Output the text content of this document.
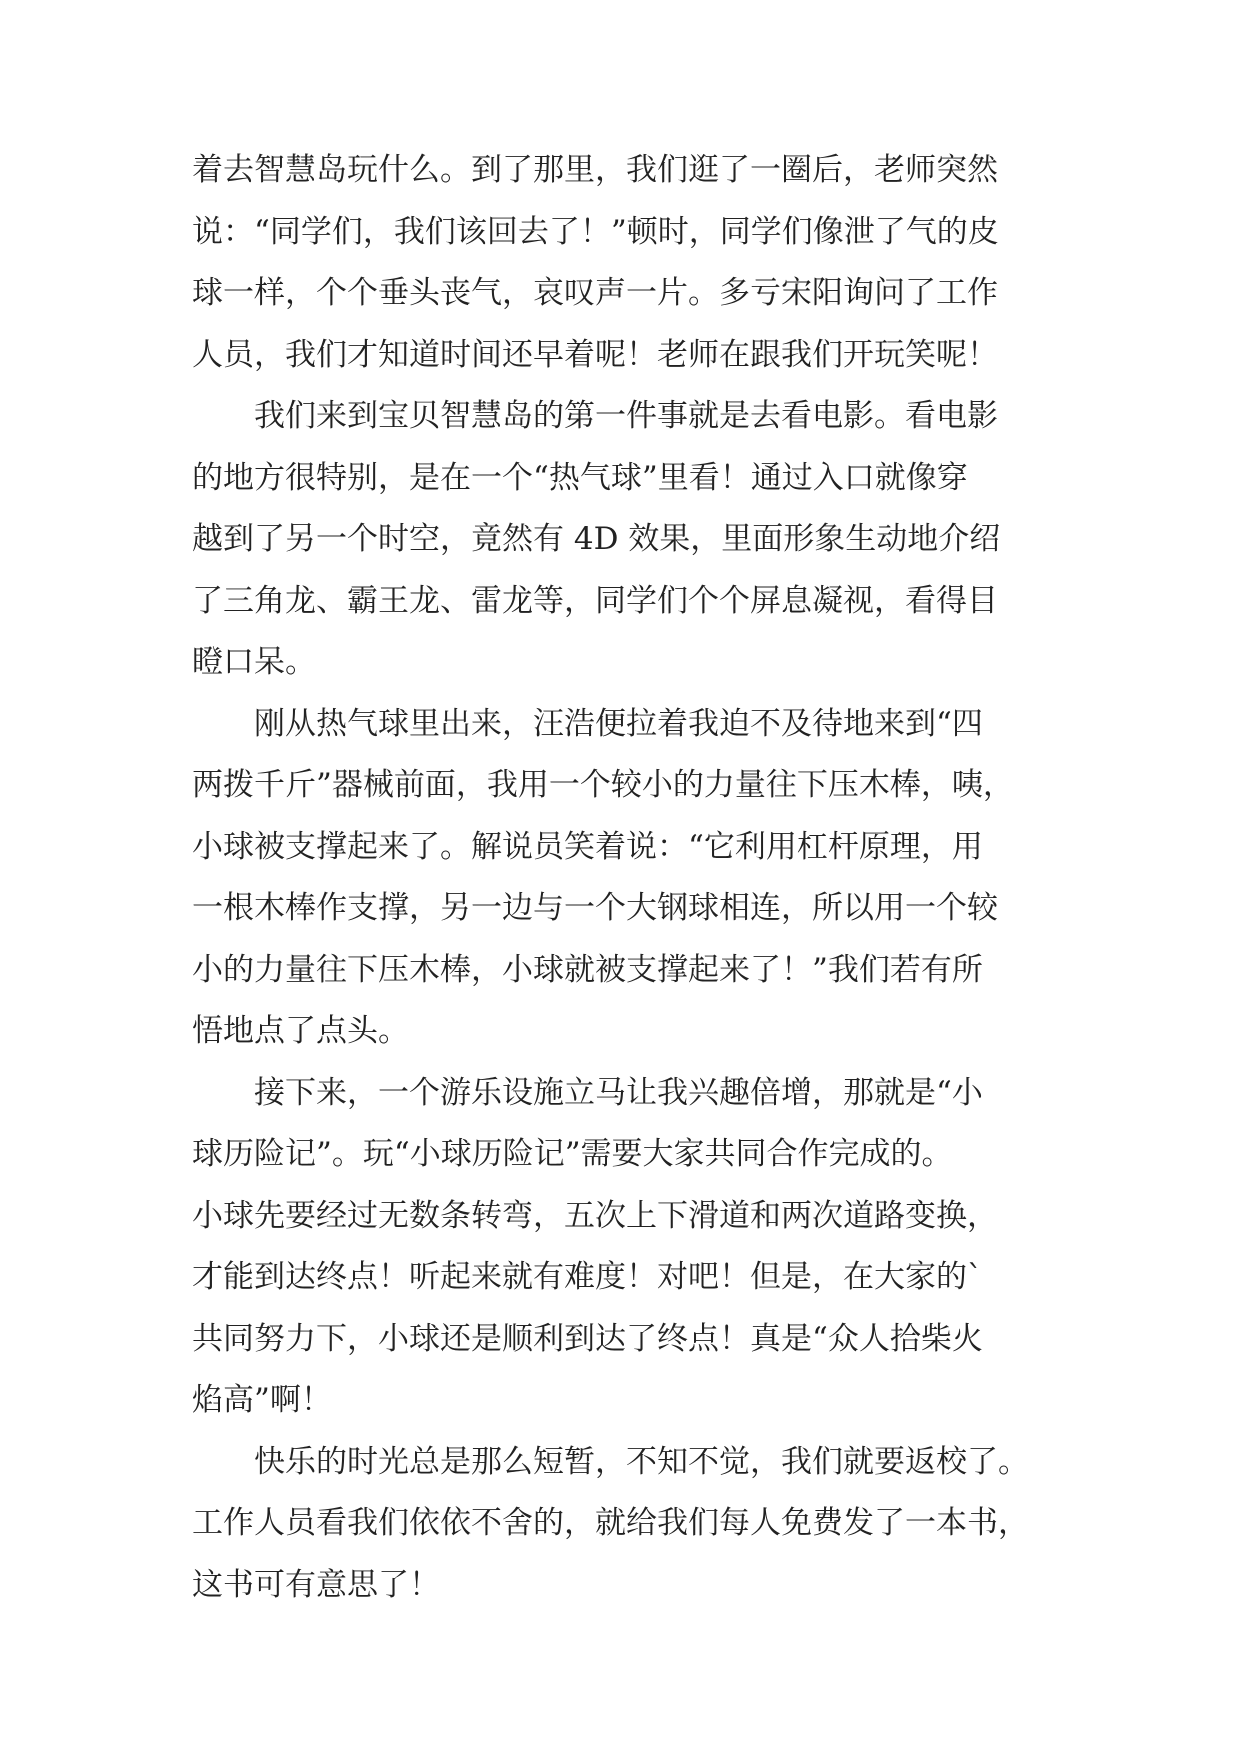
着去智慧岛玩什么。到了那里，我们逛了一圈后，老师突然
说：“同学们，我们该回去了！”顿时，同学们像泄了气的皮
球一样，个个垂头丧气，哀叹声一片。多亏宋阳询问了工作
人员，我们才知道时间还早着呢！老师在跟我们开玩笑呢！
我们来到宝贝智慧岛的第一件事就是去看电影。看电影
的地方很特别，是在一个“热气球”里看！通过入口就像穿
越到了另一个时空，竟然有 4D 效果，里面形象生动地介绍
了三角龙、霸王龙、雷龙等，同学们个个屏息凝视，看得目
瞪口呆。
刚从热气球里出来，汪浩便拉着我迫不及待地来到“四
两拨千斤”器械前面，我用一个较小的力量往下压木棒，咦，
小球被支撑起来了。解说员笑着说：“它利用杠杆原理，用
一根木棒作支撑，另一边与一个大钢球相连，所以用一个较
小的力量往下压木棒，小球就被支撑起来了！”我们若有所
悟地点了点头。
接下来，一个游乐设施立马让我兴趣倍增，那就是“小
球历险记”。玩“小球历险记”需要大家共同合作完成的。
小球先要经过无数条转弯，五次上下滑道和两次道路变换，
才能到达终点！听起来就有难度！对吧！但是，在大家的`
共同努力下，小球还是顺利到达了终点！真是“众人拾柴火
焰高”啊！
快乐的时光总是那么短暂，不知不觉，我们就要返校了。
工作人员看我们依依不舍的，就给我们每人免费发了一本书，
这书可有意思了！
